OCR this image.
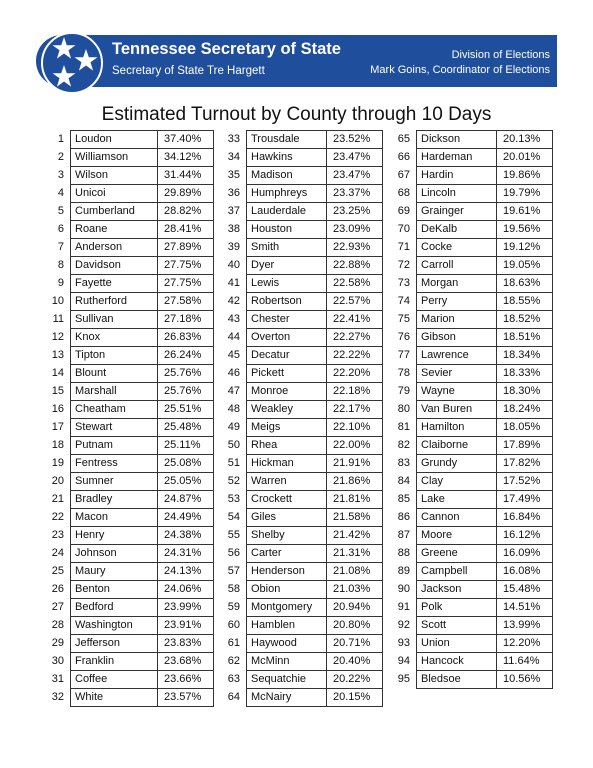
Tennessee Secretary of State
Secretary of State Tre Hargett
Division of Elections
Mark Goins, Coordinator of Elections
Estimated Turnout by County through 10 Days
1	Loudon	37.40%
2	Williamson	34.12%
3	Wilson	31.44%
4	Unicoi	29.89%
5	Cumberland	28.82%
6	Roane	28.41%
7	Anderson	27.89%
8	Davidson	27.75%
9	Fayette	27.75%
10	Rutherford	27.58%
11	Sullivan	27.18%
12	Knox	26.83%
13	Tipton	26.24%
14	Blount	25.76%
15	Marshall	25.76%
16	Cheatham	25.51%
17	Stewart	25.48%
18	Putnam	25.11%
19	Fentress	25.08%
20	Sumner	25.05%
21	Bradley	24.87%
22	Macon	24.49%
23	Henry	24.38%
24	Johnson	24.31%
25	Maury	24.13%
26	Benton	24.06%
27	Bedford	23.99%
28	Washington	23.91%
29	Jefferson	23.83%
30	Franklin	23.68%
31	Coffee	23.66%
32	White	23.57%
33	Trousdale	23.52%
34	Hawkins	23.47%
35	Madison	23.47%
36	Humphreys	23.37%
37	Lauderdale	23.25%
38	Houston	23.09%
39	Smith	22.93%
40	Dyer	22.88%
41	Lewis	22.58%
42	Robertson	22.57%
43	Chester	22.41%
44	Overton	22.27%
45	Decatur	22.22%
46	Pickett	22.20%
47	Monroe	22.18%
48	Weakley	22.17%
49	Meigs	22.10%
50	Rhea	22.00%
51	Hickman	21.91%
52	Warren	21.86%
53	Crockett	21.81%
54	Giles	21.58%
55	Shelby	21.42%
56	Carter	21.31%
57	Henderson	21.08%
58	Obion	21.03%
59	Montgomery	20.94%
60	Hamblen	20.80%
61	Haywood	20.71%
62	McMinn	20.40%
63	Sequatchie	20.22%
64	McNairy	20.15%
65	Dickson	20.13%
66	Hardeman	20.01%
67	Hardin	19.86%
68	Lincoln	19.79%
69	Grainger	19.61%
70	DeKalb	19.56%
71	Cocke	19.12%
72	Carroll	19.05%
73	Morgan	18.63%
74	Perry	18.55%
75	Marion	18.52%
76	Gibson	18.51%
77	Lawrence	18.34%
78	Sevier	18.33%
79	Wayne	18.30%
80	Van Buren	18.24%
81	Hamilton	18.05%
82	Claiborne	17.89%
83	Grundy	17.82%
84	Clay	17.52%
85	Lake	17.49%
86	Cannon	16.84%
87	Moore	16.12%
88	Greene	16.09%
89	Campbell	16.08%
90	Jackson	15.48%
91	Polk	14.51%
92	Scott	13.99%
93	Union	12.20%
94	Hancock	11.64%
95	Bledsoe	10.56%
